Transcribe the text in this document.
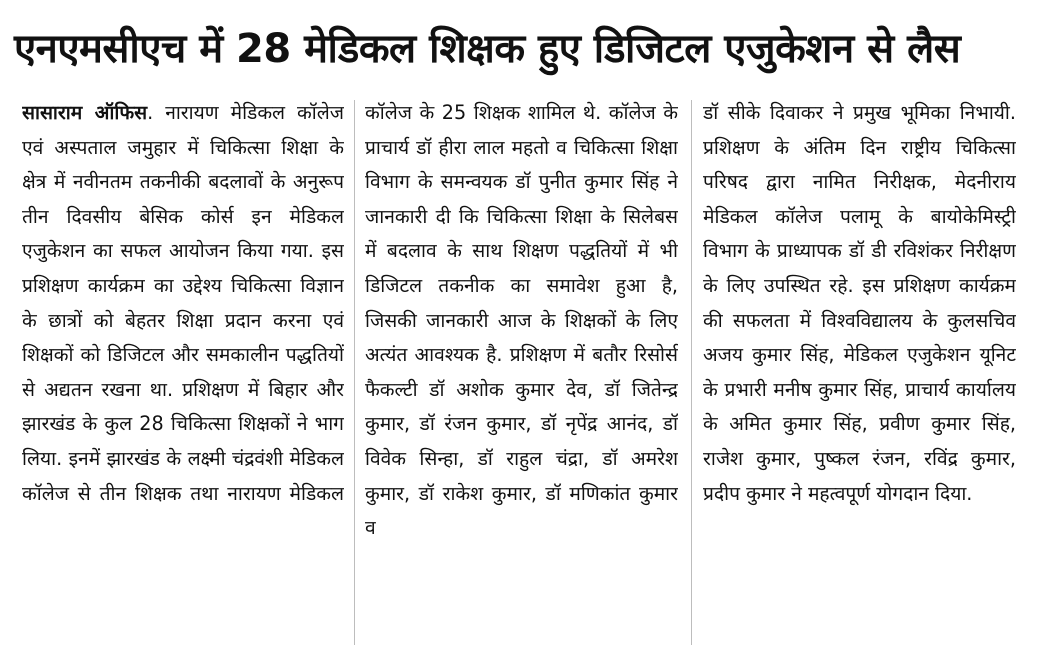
एनएमसीएच में 28 मेडिकल शिक्षक हुए डिजिटल एजुकेशन से लैस

सासाराम ऑफिस. नारायण मेडिकल कॉलेज एवं अस्पताल जमुहार में चिकित्सा शिक्षा के क्षेत्र में नवीनतम तकनीकी बदलावों के अनुरूप तीन दिवसीय बेसिक कोर्स इन मेडिकल एजुकेशन का सफल आयोजन किया गया. इस प्रशिक्षण कार्यक्रम का उद्देश्य चिकित्सा विज्ञान के छात्रों को बेहतर शिक्षा प्रदान करना एवं शिक्षकों को डिजिटल और समकालीन पद्धतियों से अद्यतन रखना था. प्रशिक्षण में बिहार और झारखंड के कुल 28 चिकित्सा शिक्षकों ने भाग लिया. इनमें झारखंड के लक्ष्मी चंद्रवंशी मेडिकल कॉलेज से तीन शिक्षक तथा नारायण मेडिकल

कॉलेज के 25 शिक्षक शामिल थे. कॉलेज के प्राचार्य डॉ हीरा लाल महतो व चिकित्सा शिक्षा विभाग के समन्वयक डॉ पुनीत कुमार सिंह ने जानकारी दी कि चिकित्सा शिक्षा के सिलेबस में बदलाव के साथ शिक्षण पद्धतियों में भी डिजिटल तकनीक का समावेश हुआ है, जिसकी जानकारी आज के शिक्षकों के लिए अत्यंत आवश्यक है. प्रशिक्षण में बतौर रिसोर्स फैकल्टी डॉ अशोक कुमार देव, डॉ जितेन्द्र कुमार, डॉ रंजन कुमार, डॉ नृपेंद्र आनंद, डॉ विवेक सिन्हा, डॉ राहुल चंद्रा, डॉ अमरेश कुमार, डॉ राकेश कुमार, डॉ मणिकांत कुमार व

डॉ सीके दिवाकर ने प्रमुख भूमिका निभायी. प्रशिक्षण के अंतिम दिन राष्ट्रीय चिकित्सा परिषद द्वारा नामित निरीक्षक, मेदनीराय मेडिकल कॉलेज पलामू के बायोकेमिस्ट्री विभाग के प्राध्यापक डॉ डी रविशंकर निरीक्षण के लिए उपस्थित रहे. इस प्रशिक्षण कार्यक्रम की सफलता में विश्वविद्यालय के कुलसचिव अजय कुमार सिंह, मेडिकल एजुकेशन यूनिट के प्रभारी मनीष कुमार सिंह, प्राचार्य कार्यालय के अमित कुमार सिंह, प्रवीण कुमार सिंह, राजेश कुमार, पुष्कल रंजन, रविंद्र कुमार, प्रदीप कुमार ने महत्वपूर्ण योगदान दिया.
